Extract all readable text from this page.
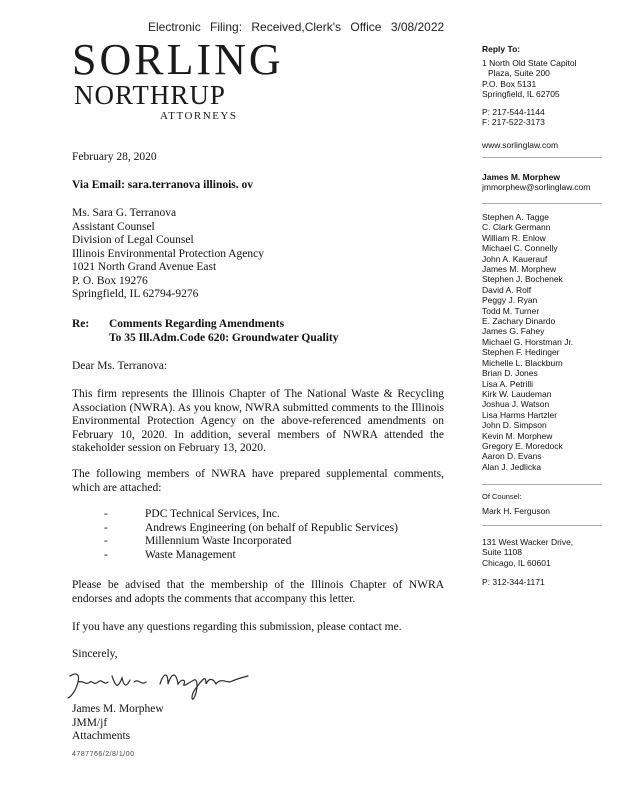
Electronic Filing: Received,Clerk's Office 3/08/2022
SORLING
NORTHRUP
ATTORNEYS
February 28, 2020
Via Email: sara.terranova illinois. ov
Ms. Sara G. Terranova
Assistant Counsel
Division of Legal Counsel
Illinois Environmental Protection Agency
1021 North Grand Avenue East
P. O. Box 19276
Springfield, IL 62794-9276
Re: Comments Regarding Amendments
To 35 Ill.Adm.Code 620: Groundwater Quality
Dear Ms. Terranova:

This firm represents the Illinois Chapter of The National Waste & Recycling Association (NWRA). As you know, NWRA submitted comments to the Illinois Environmental Protection Agency on the above-referenced amendments on February 10, 2020. In addition, several members of NWRA attended the stakeholder session on February 13, 2020.

The following members of NWRA have prepared supplemental comments, which are attached:

-	PDC Technical Services, Inc.
-	Andrews Engineering (on behalf of Republic Services)
-	Millennium Waste Incorporated
-	Waste Management

Please be advised that the membership of the Illinois Chapter of NWRA endorses and adopts the comments that accompany this letter.

If you have any questions regarding this submission, please contact me.

Sincerely,
James M. Morphew
JMM/jf
Attachments
4787766/2/8/1/00
Reply To:
1 North Old State Capitol
Plaza, Suite 200
P.O. Box 5131
Springfield, IL 62705
P: 217-544-1144
F: 217-522-3173
www.sorlinglaw.com
James M. Morphew
jmmorphew@sorlinglaw.com
Stephen A. Tagge
C. Clark Germann
William R. Enlow
Michael C. Connelly
John A. Kauerauf
James M. Morphew
Stephen J. Bochenek
David A. Rolf
Peggy J. Ryan
Todd M. Turner
E. Zachary Dinardo
James G. Fahey
Michael G. Horstman Jr.
Stephen F. Hedinger
Michelle L. Blackburn
Brian D. Jones
Lisa A. Petrilli
Kirk W. Laudeman
Joshua J. Watson
Lisa Harms Hartzler
John D. Simpson
Kevin M. Morphew
Gregory E. Moredock
Aaron D. Evans
Alan J. Jedlicka
Of Counsel:
Mark H. Ferguson
131 West Wacker Drive,
Suite 1108
Chicago, IL 60601
P: 312-344-1171
